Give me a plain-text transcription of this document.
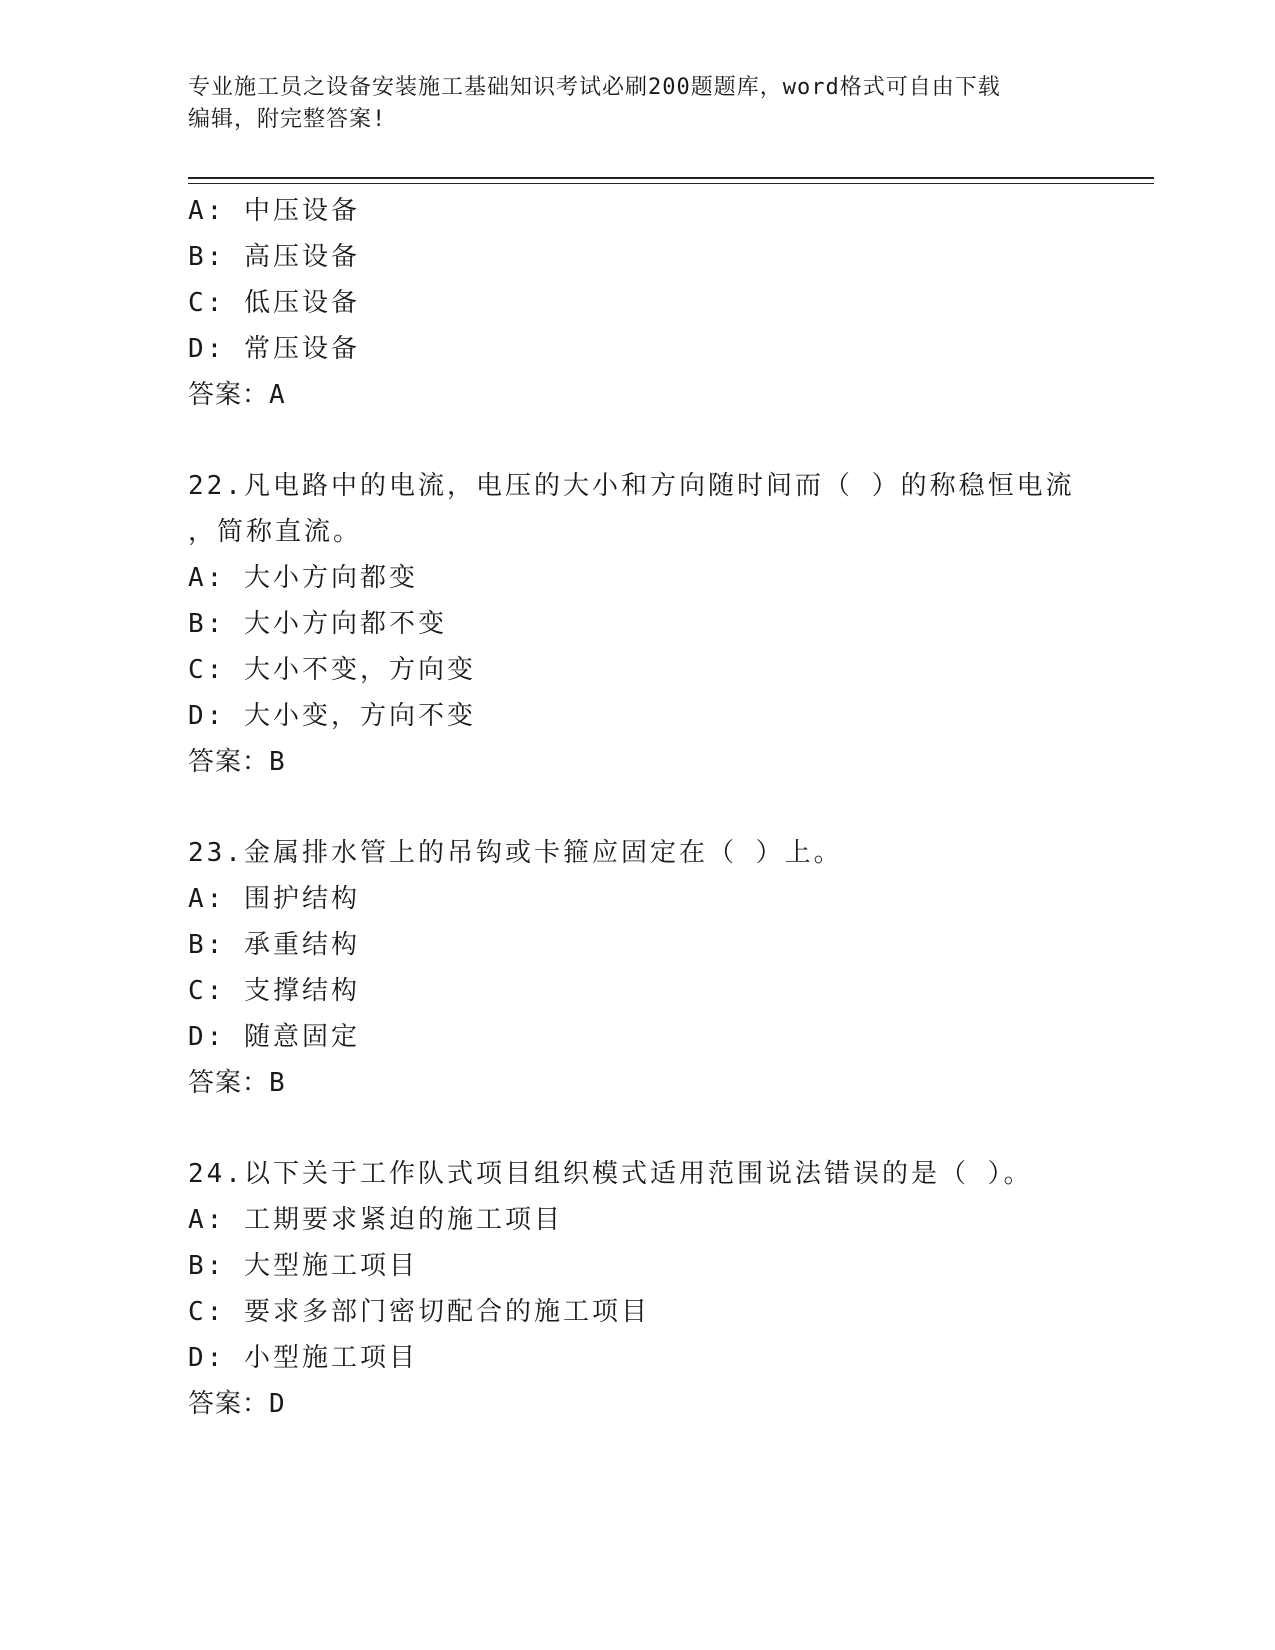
专业施工员之设备安装施工基础知识考试必刷200题题库，word格式可自由下载
编辑，附完整答案!
A: 中压设备
B: 高压设备
C: 低压设备
D: 常压设备
答案：A
22.凡电路中的电流，电压的大小和方向随时间而（ ）的称稳恒电流
，简称直流。
A: 大小方向都变
B: 大小方向都不变
C: 大小不变，方向变
D: 大小变，方向不变
答案：B
23.金属排水管上的吊钩或卡箍应固定在（ ）上。
A: 围护结构
B: 承重结构
C: 支撑结构
D: 随意固定
答案：B
24.以下关于工作队式项目组织模式适用范围说法错误的是（ ）。
A: 工期要求紧迫的施工项目
B: 大型施工项目
C: 要求多部门密切配合的施工项目
D: 小型施工项目
答案：D
